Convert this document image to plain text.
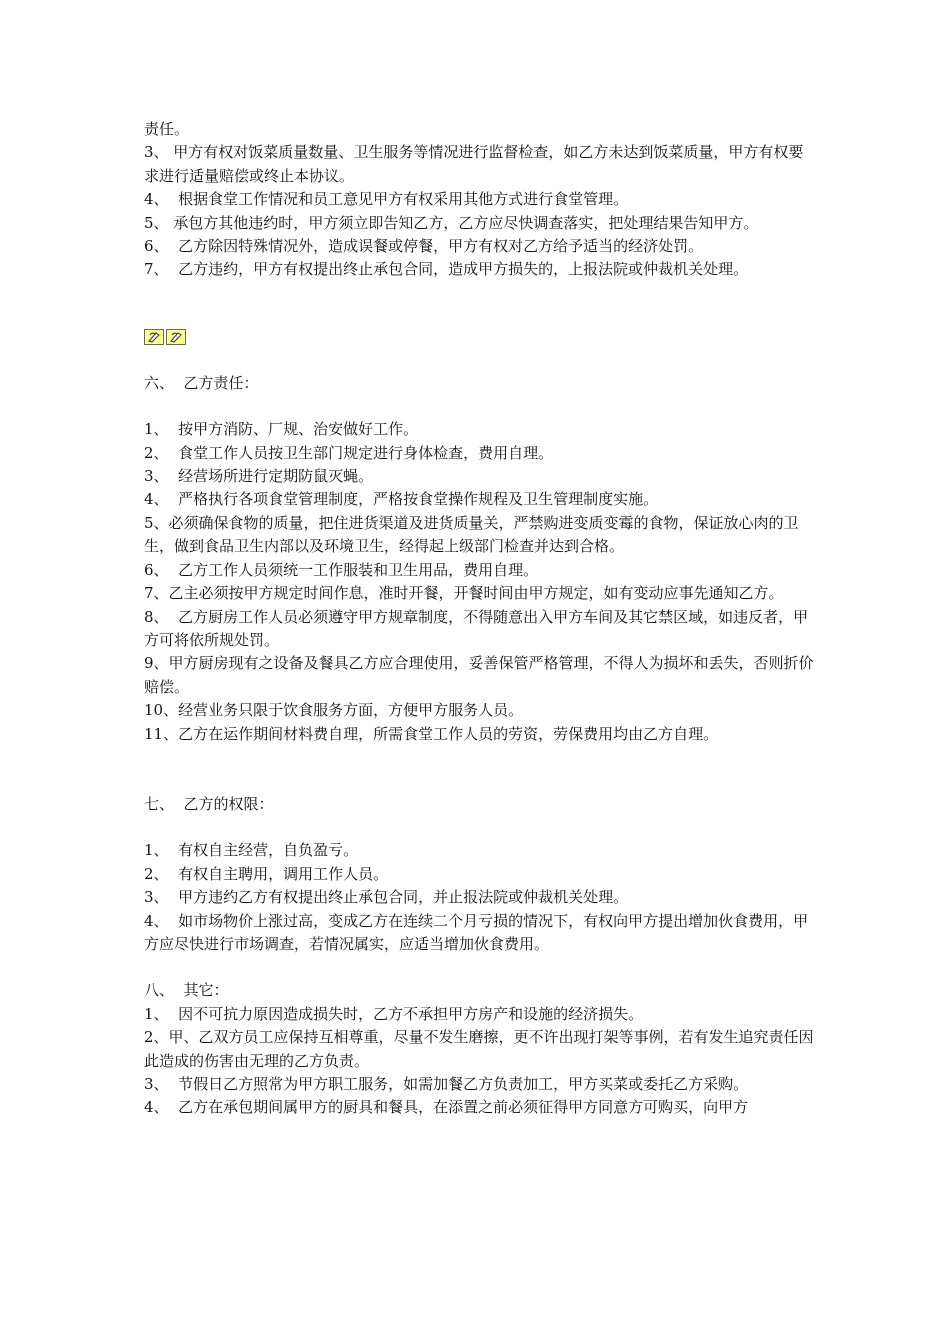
责任。

3、 甲方有权对饭菜质量数量、卫生服务等情况进行监督检查，如乙方未达到饭菜质量，甲方有权要求进行适量赔偿或终止本协议。

4、  根据食堂工作情况和员工意见甲方有权采用其他方式进行食堂管理。

5、 承包方其他违约时，甲方须立即告知乙方，乙方应尽快调查落实，把处理结果告知甲方。

6、  乙方除因特殊情况外，造成误餐或停餐，甲方有权对乙方给予适当的经济处罚。

7、  乙方违约，甲方有权提出终止承包合同，造成甲方损失的，上报法院或仲裁机关处理。

六、  乙方责任：

1、  按甲方消防、厂规、治安做好工作。

2、  食堂工作人员按卫生部门规定进行身体检查，费用自理。

3、  经营场所进行定期防鼠灭蝇。

4、  严格执行各项食堂管理制度，严格按食堂操作规程及卫生管理制度实施。

5、必须确保食物的质量，把住进货渠道及进货质量关，严禁购进变质变霉的食物，保证放心肉的卫生，做到食品卫生内部以及环境卫生，经得起上级部门检查并达到合格。

6、  乙方工作人员须统一工作服装和卫生用品，费用自理。

7、乙主必须按甲方规定时间作息，准时开餐，开餐时间由甲方规定，如有变动应事先通知乙方。

8、  乙方厨房工作人员必须遵守甲方规章制度，不得随意出入甲方车间及其它禁区域，如违反者，甲方可将依所规处罚。

9、甲方厨房现有之设备及餐具乙方应合理使用，妥善保管严格管理，不得人为损坏和丢失，否则折价赔偿。

10、经营业务只限于饮食服务方面，方便甲方服务人员。

11、乙方在运作期间材料费自理，所需食堂工作人员的劳资，劳保费用均由乙方自理。

七、  乙方的权限：

1、  有权自主经营，自负盈亏。

2、  有权自主聘用，调用工作人员。

3、  甲方违约乙方有权提出终止承包合同，并止报法院或仲裁机关处理。

4、  如市场物价上涨过高，变成乙方在连续二个月亏损的情况下，有权向甲方提出增加伙食费用，甲方应尽快进行市场调查，若情况属实，应适当增加伙食费用。

八、  其它：

1、  因不可抗力原因造成损失时，乙方不承担甲方房产和设施的经济损失。

2、甲、乙双方员工应保持互相尊重，尽量不发生磨擦，更不许出现打架等事例，若有发生追究责任因此造成的伤害由无理的乙方负责。

3、  节假日乙方照常为甲方职工服务，如需加餐乙方负责加工，甲方买菜或委托乙方采购。

4、  乙方在承包期间属甲方的厨具和餐具，在添置之前必须征得甲方同意方可购买，向甲方
